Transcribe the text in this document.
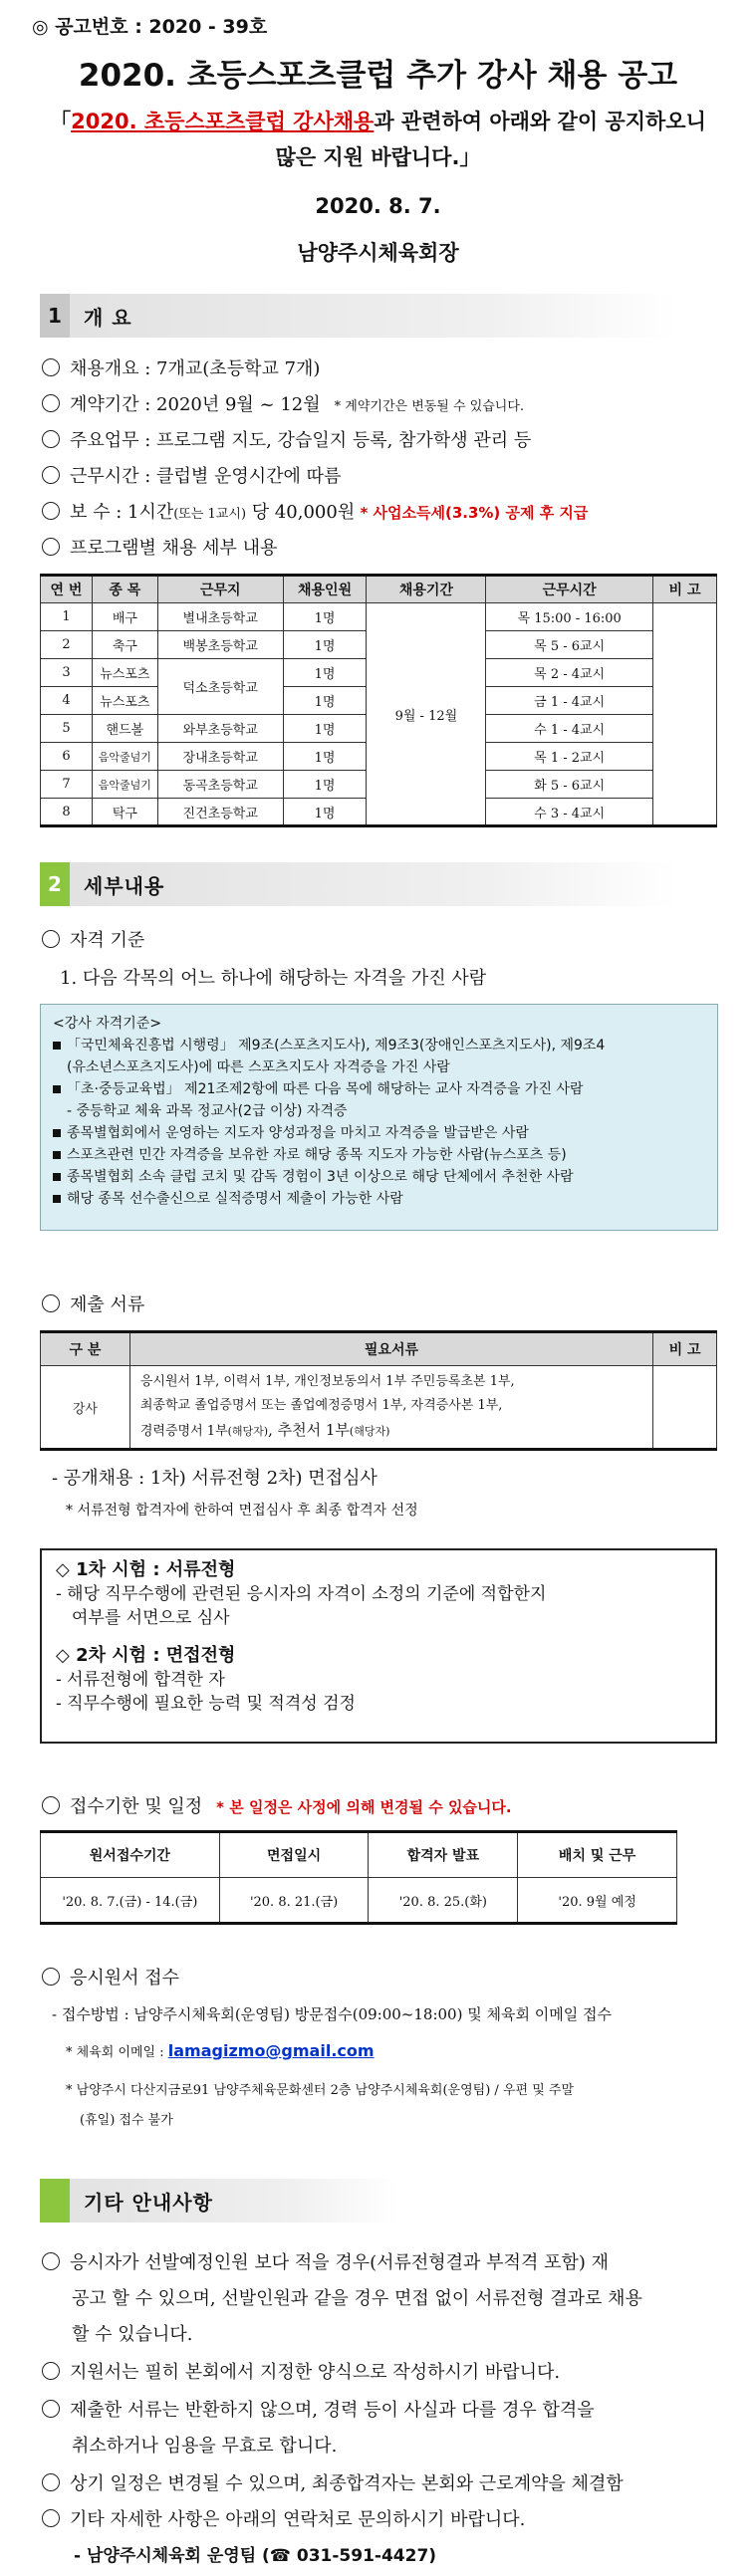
◎ 공고번호 : 2020 - 39호
2020. 초등스포츠클럽 추가 강사 채용 공고
「2020. 초등스포츠클럽 강사채용과 관련하여 아래와 같이 공지하오니
많은 지원 바랍니다.」
2020. 8. 7.
남양주시체육회장
1	개 요
채용개요 : 7개교(초등학교 7개)
계약기간 : 2020년 9월 ~ 12월 * 계약기간은 변동될 수 있습니다.
주요업무 : 프로그램 지도, 강습일지 등록, 참가학생 관리 등
근무시간 : 클럽별 운영시간에 따름
보 수 : 1시간(또는 1교시) 당 40,000원 * 사업소득세(3.3%) 공제 후 지급
프로그램별 채용 세부 내용
연 번	종 목	근무지	채용인원	채용기간	근무시간	비 고
1	배구	별내초등학교	1명	9월 - 12월	목 15:00 - 16:00	
2	축구	백봉초등학교	1명		목 5 - 6교시	
3	뉴스포츠	덕소초등학교	1명		목 2 - 4교시	
4	뉴스포츠		1명		금 1 - 4교시	
5	핸드볼	와부초등학교	1명		수 1 - 4교시	
6	음악줄넘기	장내초등학교	1명		목 1 - 2교시	
7	음악줄넘기	동곡초등학교	1명		화 5 - 6교시	
8	탁구	진건초등학교	1명		수 3 - 4교시	
2	세부내용
자격 기준
1. 다음 각목의 어느 하나에 해당하는 자격을 가진 사람
<강사 자격기준>
「국민체육진흥법 시행령」 제9조(스포츠지도사), 제9조3(장애인스포츠지도사), 제9조4
(유소년스포츠지도사)에 따른 스포츠지도사 자격증을 가진 사람
「초·중등교육법」 제21조제2항에 따른 다음 목에 해당하는 교사 자격증을 가진 사람
- 중등학교 체육 과목 정교사(2급 이상) 자격증
종목별협회에서 운영하는 지도자 양성과정을 마치고 자격증을 발급받은 사람
스포츠관련 민간 자격증을 보유한 자로 해당 종목 지도자 가능한 사람(뉴스포츠 등)
종목별협회 소속 클럽 코치 및 감독 경험이 3년 이상으로 해당 단체에서 추천한 사람
해당 종목 선수출신으로 실적증명서 제출이 가능한 사람
제출 서류
구 분	필요서류	비 고
강사	응시원서 1부, 이력서 1부, 개인정보동의서 1부 주민등록초본 1부,
최종학교 졸업증명서 또는 졸업예정증명서 1부, 자격증사본 1부,
경력증명서 1부(해당자), 추천서 1부(해당자)	

- 공개채용 : 1차) 서류전형 2차) 면접심사
* 서류전형 합격자에 한하여 면접심사 후 최종 합격자 선정
◇ 1차 시험 : 서류전형
- 해당 직무수행에 관련된 응시자의 자격이 소정의 기준에 적합한지
여부를 서면으로 심사
◇ 2차 시험 : 면접전형
- 서류전형에 합격한 자
- 직무수행에 필요한 능력 및 적격성 검정
접수기한 및 일정 * 본 일정은 사정에 의해 변경될 수 있습니다.
원서접수기간	면접일시	합격자 발표	배치 및 근무
'20. 8. 7.(금) - 14.(금)	'20. 8. 21.(금)	'20. 8. 25.(화)	'20. 9월 예정
응시원서 접수
- 접수방법 : 남양주시체육회(운영팀) 방문접수(09:00~18:00) 및 체육회 이메일 접수
* 체육회 이메일 : lamagizmo@gmail.com
* 남양주시 다산지금로91 남양주체육문화센터 2층 남양주시체육회(운영팀) / 우편 및 주말
(휴일) 접수 불가
기타 안내사항
응시자가 선발예정인원 보다 적을 경우(서류전형결과 부적격 포함) 재
공고 할 수 있으며, 선발인원과 같을 경우 면접 없이 서류전형 결과로 채용
할 수 있습니다.
지원서는 필히 본회에서 지정한 양식으로 작성하시기 바랍니다.
제출한 서류는 반환하지 않으며, 경력 등이 사실과 다를 경우 합격을
취소하거나 임용을 무효로 합니다.
상기 일정은 변경될 수 있으며, 최종합격자는 본회와 근로계약을 체결함
기타 자세한 사항은 아래의 연락처로 문의하시기 바랍니다.
- 남양주시체육회 운영팀 (☎ 031-591-4427)
